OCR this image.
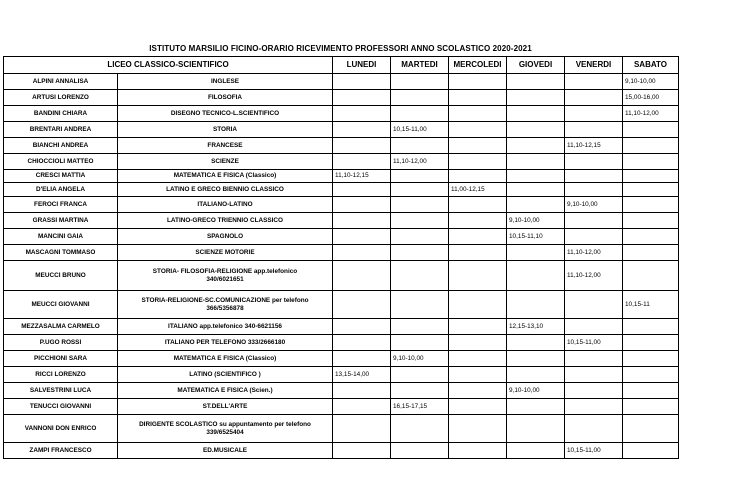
ISTITUTO MARSILIO FICINO-ORARIO RICEVIMENTO PROFESSORI ANNO SCOLASTICO 2020-2021
LICEO CLASSICO-SCIENTIFICO		LUNEDI	MARTEDI	MERCOLEDI	GIOVEDI	VENERDI	SABATO
ALPINI ANNALISA	INGLESE						9,10-10,00
ARTUSI LORENZO	FILOSOFIA						15,00-16,00
BANDINI CHIARA	DISEGNO TECNICO-L.SCIENTIFICO						11,10-12,00
BRENTARI ANDREA	STORIA		10,15-11,00				
BIANCHI ANDREA	FRANCESE					11,10-12,15	
CHIOCCIOLI MATTEO	SCIENZE		11,10-12,00				
CRESCI MATTIA	MATEMATICA E FISICA (Classico)	11,10-12,15					
D'ELIA ANGELA	LATINO E GRECO BIENNIO CLASSICO			11,00-12,15			
FEROCI FRANCA	ITALIANO-LATINO					9,10-10,00	
GRASSI MARTINA	LATINO-GRECO TRIENNIO CLASSICO				9,10-10,00		
MANCINI GAIA	SPAGNOLO				10,15-11,10		
MASCAGNI TOMMASO	SCIENZE MOTORIE					11,10-12,00	
MEUCCI BRUNO	STORIA- FILOSOFIA-RELIGIONE app.telefonico
340/6021651					11,10-12,00	
MEUCCI GIOVANNI	STORIA-RELIGIONE-SC.COMUNICAZIONE per telefono
366/5356878						10,15-11
MEZZASALMA CARMELO	ITALIANO app.telefonico 340-6621156				12,15-13,10		
P.UGO ROSSI	ITALIANO PER TELEFONO 333/2666180					10,15-11,00	
PICCHIONI SARA	MATEMATICA E FISICA (Classico)		9,10-10,00				
RICCI LORENZO	LATINO (SCIENTIFICO )	13,15-14,00					
SALVESTRINI LUCA	MATEMATICA E FISICA (Scien.)				9,10-10,00		
TENUCCI GIOVANNI	ST.DELL'ARTE		16,15-17,15				
VANNONI DON ENRICO	DIRIGENTE SCOLASTICO su appuntamento per telefono
339/6525404						

ZAMPI FRANCESCO	ED.MUSICALE					10,15-11,00	
